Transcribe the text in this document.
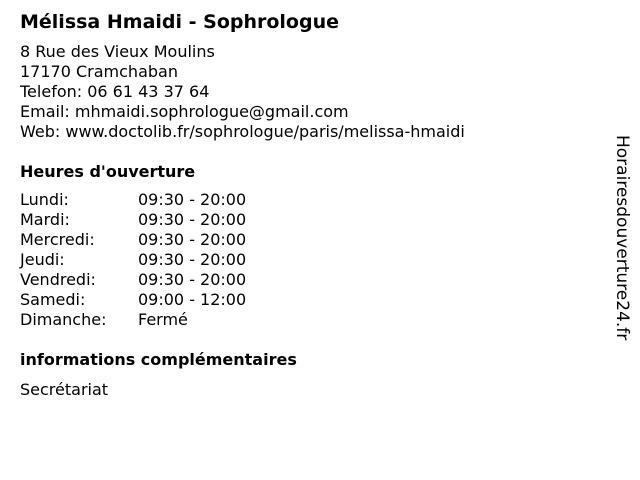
Mélissa Hmaidi - Sophrologue
8 Rue des Vieux Moulins
17170 Cramchaban
Telefon: 06 61 43 37 64
Email: mhmaidi.sophrologue@gmail.com
Web: www.doctolib.fr/sophrologue/paris/melissa-hmaidi
Heures d'ouverture
Lundi:	09:30 - 20:00
Mardi:	09:30 - 20:00
Mercredi:	09:30 - 20:00
Jeudi:	09:30 - 20:00
Vendredi:	09:30 - 20:00
Samedi:	09:00 - 12:00
Dimanche:	Fermé
informations complémentaires
Secrétariat
Horairesdouverture24.fr
